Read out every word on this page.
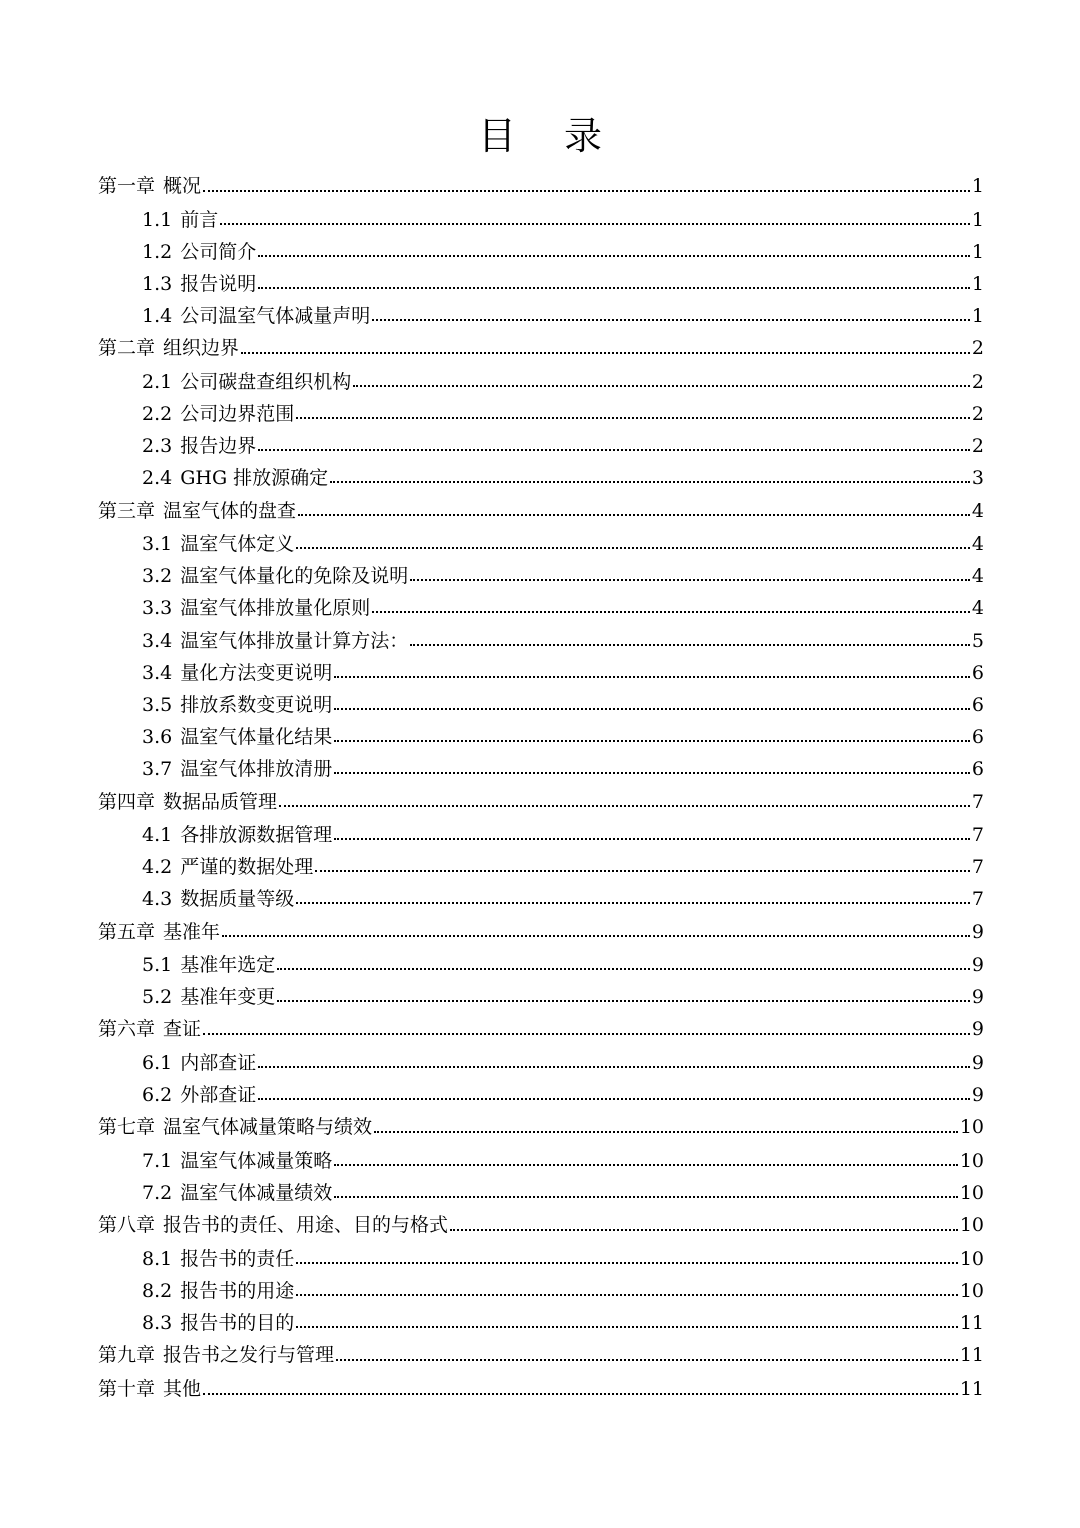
目 录
第一章 概况	1
1.1 前言	1
1.2 公司简介	1
1.3 报告说明	1
1.4 公司温室气体减量声明	1
第二章 组织边界	2
2.1 公司碳盘查组织机构	2
2.2 公司边界范围	2
2.3 报告边界	2
2.4 GHG 排放源确定	3
第三章 温室气体的盘查	4
3.1 温室气体定义	4
3.2 温室气体量化的免除及说明	4
3.3 温室气体排放量化原则	4
3.4 温室气体排放量计算方法：	5
3.4 量化方法变更说明	6
3.5 排放系数变更说明	6
3.6 温室气体量化结果	6
3.7 温室气体排放清册	6
第四章 数据品质管理	7
4.1 各排放源数据管理	7
4.2 严谨的数据处理	7
4.3 数据质量等级	7
第五章 基准年	9
5.1 基准年选定	9
5.2 基准年变更	9
第六章 查证	9
6.1 内部查证	9
6.2 外部查证	9
第七章 温室气体减量策略与绩效	10
7.1 温室气体减量策略	10
7.2 温室气体减量绩效	10
第八章 报告书的责任、用途、目的与格式	10
8.1 报告书的责任	10
8.2 报告书的用途	10
8.3 报告书的目的	11
第九章 报告书之发行与管理	11
第十章 其他	11
